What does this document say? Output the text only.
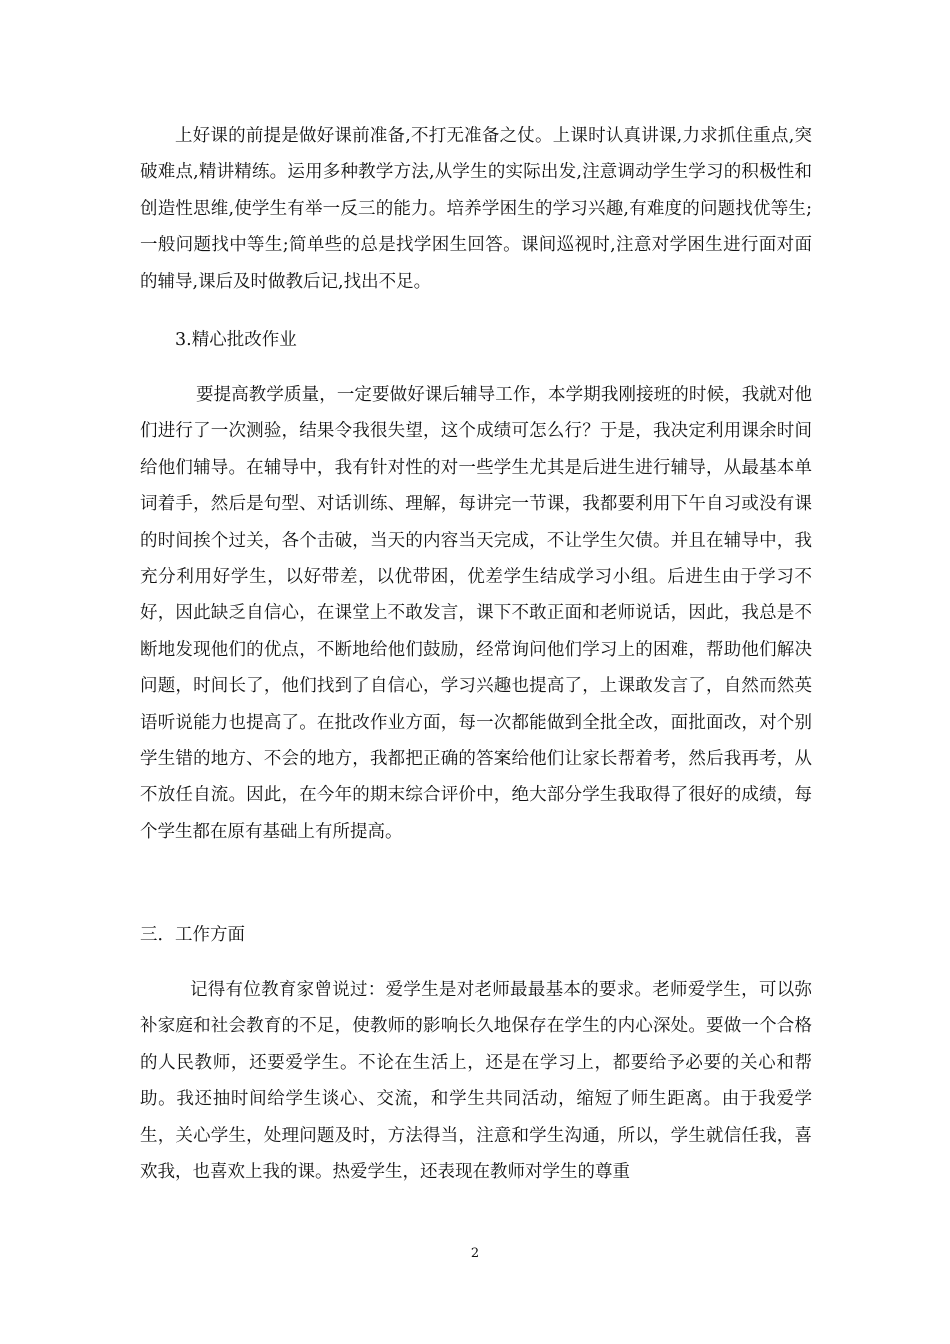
上好课的前提是做好课前准备,不打无准备之仗。上课时认真讲课,力求抓住重点,突破难点,精讲精练。运用多种教学方法,从学生的实际出发,注意调动学生学习的积极性和创造性思维,使学生有举一反三的能力。培养学困生的学习兴趣,有难度的问题找优等生;一般问题找中等生;简单些的总是找学困生回答。课间巡视时,注意对学困生进行面对面的辅导,课后及时做教后记,找出不足。

3.精心批改作业

要提高教学质量，一定要做好课后辅导工作，本学期我刚接班的时候，我就对他们进行了一次测验，结果令我很失望，这个成绩可怎么行？于是，我决定利用课余时间给他们辅导。在辅导中，我有针对性的对一些学生尤其是后进生进行辅导，从最基本单词着手，然后是句型、对话训练、理解，每讲完一节课，我都要利用下午自习或没有课的时间挨个过关，各个击破，当天的内容当天完成，不让学生欠债。并且在辅导中，我充分利用好学生，以好带差，以优带困，优差学生结成学习小组。后进生由于学习不好，因此缺乏自信心，在课堂上不敢发言，课下不敢正面和老师说话，因此，我总是不断地发现他们的优点，不断地给他们鼓励，经常询问他们学习上的困难，帮助他们解决问题，时间长了，他们找到了自信心，学习兴趣也提高了，上课敢发言了，自然而然英语听说能力也提高了。在批改作业方面，每一次都能做到全批全改，面批面改，对个别学生错的地方、不会的地方，我都把正确的答案给他们让家长帮着考，然后我再考，从不放任自流。因此，在今年的期末综合评价中，绝大部分学生我取得了很好的成绩，每个学生都在原有基础上有所提高。

三．工作方面

记得有位教育家曾说过：爱学生是对老师最最基本的要求。老师爱学生，可以弥补家庭和社会教育的不足，使教师的影响长久地保存在学生的内心深处。要做一个合格的人民教师，还要爱学生。不论在生活上，还是在学习上，都要给予必要的关心和帮助。我还抽时间给学生谈心、交流，和学生共同活动，缩短了师生距离。由于我爱学生，关心学生，处理问题及时，方法得当，注意和学生沟通，所以，学生就信任我，喜欢我，也喜欢上我的课。热爱学生，还表现在教师对学生的尊重

2
